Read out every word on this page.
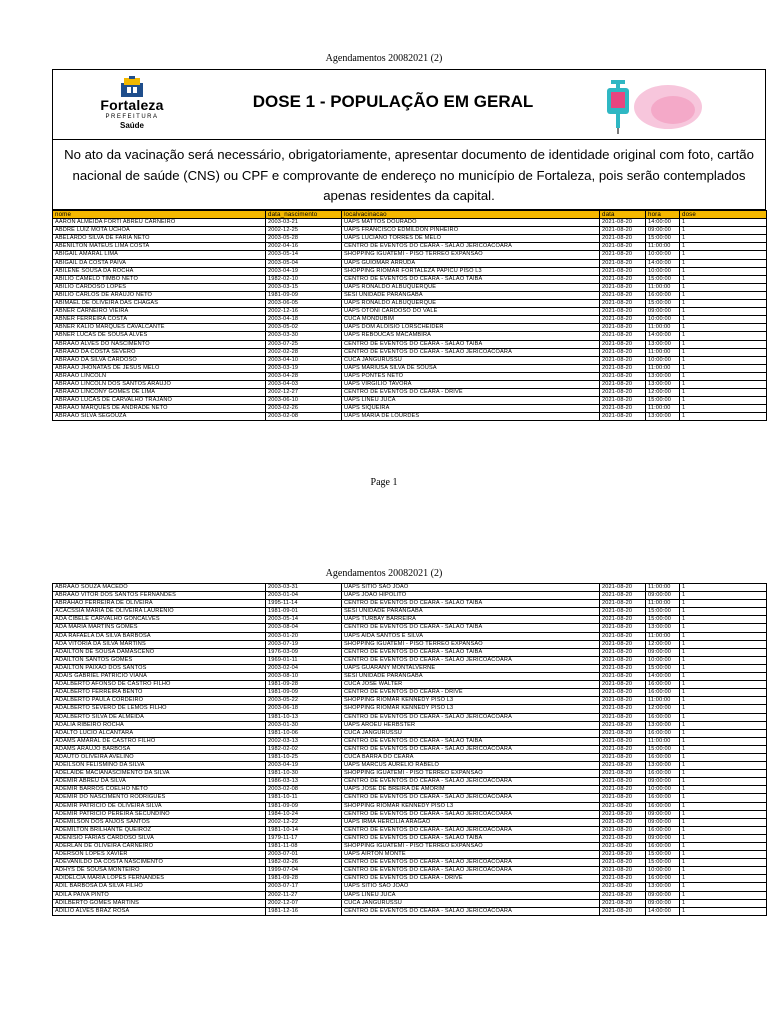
Agendamentos 20082021 (2)
Fortaleza
PREFEITURA
Saúde
DOSE 1 - POPULAÇÃO EM GERAL
No ato da vacinação será necessário, obrigatoriamente, apresentar documento de identidade original com foto, cartão nacional de saúde (CNS) ou CPF e comprovante de endereço no município de Fortaleza, pois serão contemplados apenas residentes da capital.
nome	data_nascimento	localvacinacao	data	hora	dose
AARON ALMEIDA FORTI ABREU CARNEIRO	2003-03-21	UAPS MATTOS DOURADO	2021-08-20	14:00:00	1
ABDRE LUIZ MOTA UCHOA	2002-12-25	UAPS FRANCISCO EDMILDON PINHEIRO	2021-08-20	09:00:00	1
ABELARDO SILVA DE FARIA NETO	2003-05-28	UAPS LUCIANO TORRES DE MELO	2021-08-20	15:00:00	1
ABENILTON MATEUS LIMA COSTA	2002-04-16	CENTRO DE EVENTOS DO CEARA - SALAO JERICOACOARA	2021-08-20	11:00:00	1
ABIGAIL AMARAL LIMA	2003-05-14	SHOPPING IGUATEMI - PISO TERREO EXPANSAO	2021-08-20	10:00:00	1
ABIGAIL DA COSTA PAIVA	2003-05-04	UAPS GUIOMAR ARRUDA	2021-08-20	14:00:00	1
ABILENE SOUSA DA ROCHA	2003-04-19	SHOPPING RIOMAR FORTALEZA PAPICU PISO L3	2021-08-20	10:00:00	1
ABILIO CAMELO TIMBO NETO	1982-02-10	CENTRO DE EVENTOS DO CEARA - SALAO TAIBA	2021-08-20	15:00:00	1
ABILIO CARDOSO LOPES	2003-03-15	UAPS RONALDO ALBUQUERQUE	2021-08-20	11:00:00	1
ABILIO CARLOS DE ARAUJO NETO	1981-09-09	SESI UNIDADE PARANGABA	2021-08-20	16:00:00	1
ABIMAEL DE OLIVEIRA DAS CHAGAS	2003-06-05	UAPS RONALDO ALBUQUERQUE	2021-08-20	15:00:00	1
ABNER CARNEIRO VIEIRA	2002-12-16	UAPS OTONI CARDOSO DO VALE	2021-08-20	09:00:00	1
ABNER FERREIRA COSTA	2003-04-18	CUCA MONDUBIM	2021-08-20	10:00:00	1
ABNER KALIO MARQUES CAVALCANTE	2003-05-02	UAPS DOM ALOISIO LORSCHEIDER	2021-08-20	11:00:00	1
ABNER LUCAS DE SOUSA ALVES	2003-03-30	UAPS REBOUCAS MACAMBIRA	2021-08-20	14:00:00	1
ABRAAO ALVES DO NASCIMENTO	2003-07-25	CENTRO DE EVENTOS DO CEARA - SALAO TAIBA	2021-08-20	13:00:00	1
ABRAAO DA COSTA SEVERO	2002-02-28	CENTRO DE EVENTOS DO CEARA - SALAO JERICOACOARA	2021-08-20	11:00:00	1
ABRAAO DA SILVA CARDOSO	2003-04-10	CUCA JANGURUSSU	2021-08-20	10:00:00	1
ABRAAO JHONATAS DE JESUS MELO	2003-03-19	UAPS MARIUSA SILVA DE SOUSA	2021-08-20	11:00:00	1
ABRAAO LINCOLN	2003-04-28	UAPS PONTES NETO	2021-08-20	13:00:00	1
ABRAAO LINCOLN DOS SANTOS ARAUJO	2003-04-03	UAPS VIRGILIO TAVORA	2021-08-20	13:00:00	1
ABRAAO LINCONY GOMES DE LIMA	2002-12-27	CENTRO DE EVENTOS DO CEARA - DRIVE	2021-08-20	12:00:00	1
ABRAAO LUCAS DE CARVALHO TRAJANO	2003-06-10	UAPS LINEU JUCA	2021-08-20	15:00:00	1
ABRAAO MARQUES DE ANDRADE NETO	2003-02-26	UAPS SIQUEIRA	2021-08-20	11:00:00	1
ABRAAO SILVA SEGOUZA	2003-02-08	UAPS MARIA DE LOURDES	2021-08-20	13:00:00	1
Page 1
Agendamentos 20082021 (2)
ABRAAO SOUZA MACEDO	2003-03-31	UAPS SITIO SAO JOAO	2021-08-20	11:00:00	1
ABRAAO VITOR DOS SANTOS FERNANDES	2003-01-04	UAPS JOAO HIPOLITO	2021-08-20	09:00:00	1
ABRAHAO FERREIRA DE OLIVEIRA	1995-11-14	CENTRO DE EVENTOS DO CEARA - SALAO TAIBA	2021-08-20	11:00:00	1
ACACSSIA MARIA DE OLIVEIRA LAURENIO	1981-09-01	SESI UNIDADE PARANGABA	2021-08-20	15:00:00	1
ADA CIBELE CARVALHO GONCALVES	2003-05-14	UAPS TURBAY BARREIRA	2021-08-20	15:00:00	1
ADA MARIA MARTINS GOMES	2003-08-04	CENTRO DE EVENTOS DO CEARA - SALAO TAIBA	2021-08-20	13:00:00	1
ADA RAFAELA DA SILVA BARBOSA	2003-01-20	UAPS AIDA SANTOS E SILVA	2021-08-20	11:00:00	1
ADA VITORIA DA SILVA MARTINS	2003-07-19	SHOPPING IGUATEMI - PISO TERREO EXPANSAO	2021-08-20	12:00:00	1
ADAILTON DE SOUSA DAMASCENO	1976-03-09	CENTRO DE EVENTOS DO CEARA - SALAO TAIBA	2021-08-20	09:00:00	1
ADAILTON SANTOS GOMES	1969-01-11	CENTRO DE EVENTOS DO CEARA - SALAO JERICOACOARA	2021-08-20	10:00:00	1
ADAILTON PAIXAO DOS SANTOS	2003-02-04	UAPS GUARANY MONTALVERNE	2021-08-20	15:00:00	1
ADAIS GABRIEL PATRICIO VIANA	2003-08-10	SESI UNIDADE PARANGABA	2021-08-20	14:00:00	1
ADALBERTO AFONSO DE CASTRO FILHO	1981-09-28	CUCA JOSE WALTER	2021-08-20	16:00:00	1
ADALBERTO FERREIRA BENTO	1981-09-09	CENTRO DE EVENTOS DO CEARA - DRIVE	2021-08-20	16:00:00	1
ADALBERTO PAULA CORDEIRO	2003-05-22	SHOPPING RIOMAR KENNEDY PISO L3	2021-08-20	11:00:00	1
ADALBERTO SEVERO DE LEMOS FILHO	2003-06-18	SHOPPING RIOMAR KENNEDY PISO L3	2021-08-20	12:00:00	1
ADALBERTO SILVA DE ALMEIDA	1981-10-13	CENTRO DE EVENTOS DO CEARA - SALAO JERICOACOARA	2021-08-20	16:00:00	1
ADALIA RIBEIRO ROCHA	2003-01-30	UAPS AROEU HERBSTER	2021-08-20	13:00:00	1
ADALTO LUCIO ALCANTARA	1981-10-06	CUCA JANGURUSSU	2021-08-20	16:00:00	1
ADAMS AMARAL DE CASTRO FILHO	2002-03-13	CENTRO DE EVENTOS DO CEARA - SALAO TAIBA	2021-08-20	11:00:00	1
ADAMS ARAUJO BARBOSA	1982-02-02	CENTRO DE EVENTOS DO CEARA - SALAO JERICOACOARA	2021-08-20	15:00:00	1
ADAUTO OLIVEIRA AVELINO	1981-10-25	CUCA BARRA DO CEARA	2021-08-20	16:00:00	1
ADEILSON FELISMINO DA SILVA	2003-04-19	UAPS MARCUS AURELIO RABELO	2021-08-20	13:00:00	1
ADELAIDE MACIANASCIMENTO DA SILVA	1981-10-30	SHOPPING IGUATEMI - PISO TERREO EXPANSAO	2021-08-20	16:00:00	1
ADEMIR ABREU DA SILVA	1986-03-13	CENTRO DE EVENTOS DO CEARA - SALAO JERICOACOARA	2021-08-20	09:00:00	1
ADEMIR BARROS COELHO NETO	2003-02-08	UAPS JOSE DE BREIRA DE AMORIM	2021-08-20	10:00:00	1
ADEMIR DO NASCIMENTO RODRIGUES	1981-10-11	CENTRO DE EVENTOS DO CEARA - SALAO JERICOACOARA	2021-08-20	16:00:00	1
ADEMIR PATRICIO DE OLIVEIRA SILVA	1981-09-09	SHOPPING RIOMAR KENNEDY PISO L3	2021-08-20	16:00:00	1
ADEMIR PATRICIO PEREIRA SECUNDINO	1984-10-24	CENTRO DE EVENTOS DO CEARA - SALAO JERICOACOARA	2021-08-20	09:00:00	1
ADEMILSON DOS ANJOS SANTOS	2002-12-22	UAPS IRMA HERCILIA ARAGAO	2021-08-20	09:00:00	1
ADEMILTON BRILHANTE QUEIROZ	1981-10-14	CENTRO DE EVENTOS DO CEARA - SALAO JERICOACOARA	2021-08-20	16:00:00	1
ADENISIO FARIAS CARDOSO SILVA	1979-11-17	CENTRO DE EVENTOS DO CEARA - SALAO TAIBA	2021-08-20	09:00:00	1
ADERLAN DE OLIVEIRA CARNEIRO	1981-11-08	SHOPPING IGUATEMI - PISO TERREO EXPANSAO	2021-08-20	16:00:00	1
ADERSON LOPES XAVIER	2003-07-01	UAPS AIRTON MONTE	2021-08-20	15:00:00	1
ADEVANILDO DA COSTA NASCIMENTO	1982-02-26	CENTRO DE EVENTOS DO CEARA - SALAO JERICOACOARA	2021-08-20	15:00:00	1
ADHYS DE SOUSA MONTEIRO	1999-07-04	CENTRO DE EVENTOS DO CEARA - SALAO JERICOACOARA	2021-08-20	10:00:00	1
ADIDELCIA MARIA LOPES FERNANDES	1981-09-28	CENTRO DE EVENTOS DO CEARA - DRIVE	2021-08-20	16:00:00	1
ADIL BARBOSA DA SILVA FILHO	2003-07-17	UAPS SITIO SAO JOAO	2021-08-20	13:00:00	1
ADILA PAIVA PINTO	2002-11-27	UAPS LINEU JUCA	2021-08-20	09:00:00	1
ADILBERTO GOMES MARTINS	2002-12-07	CUCA JANGURUSSU	2021-08-20	09:00:00	1
ADILIO ALVES BRAZ ROSA	1981-12-16	CENTRO DE EVENTOS DO CEARA - SALAO JERICOACOARA	2021-08-20	14:00:00	1
